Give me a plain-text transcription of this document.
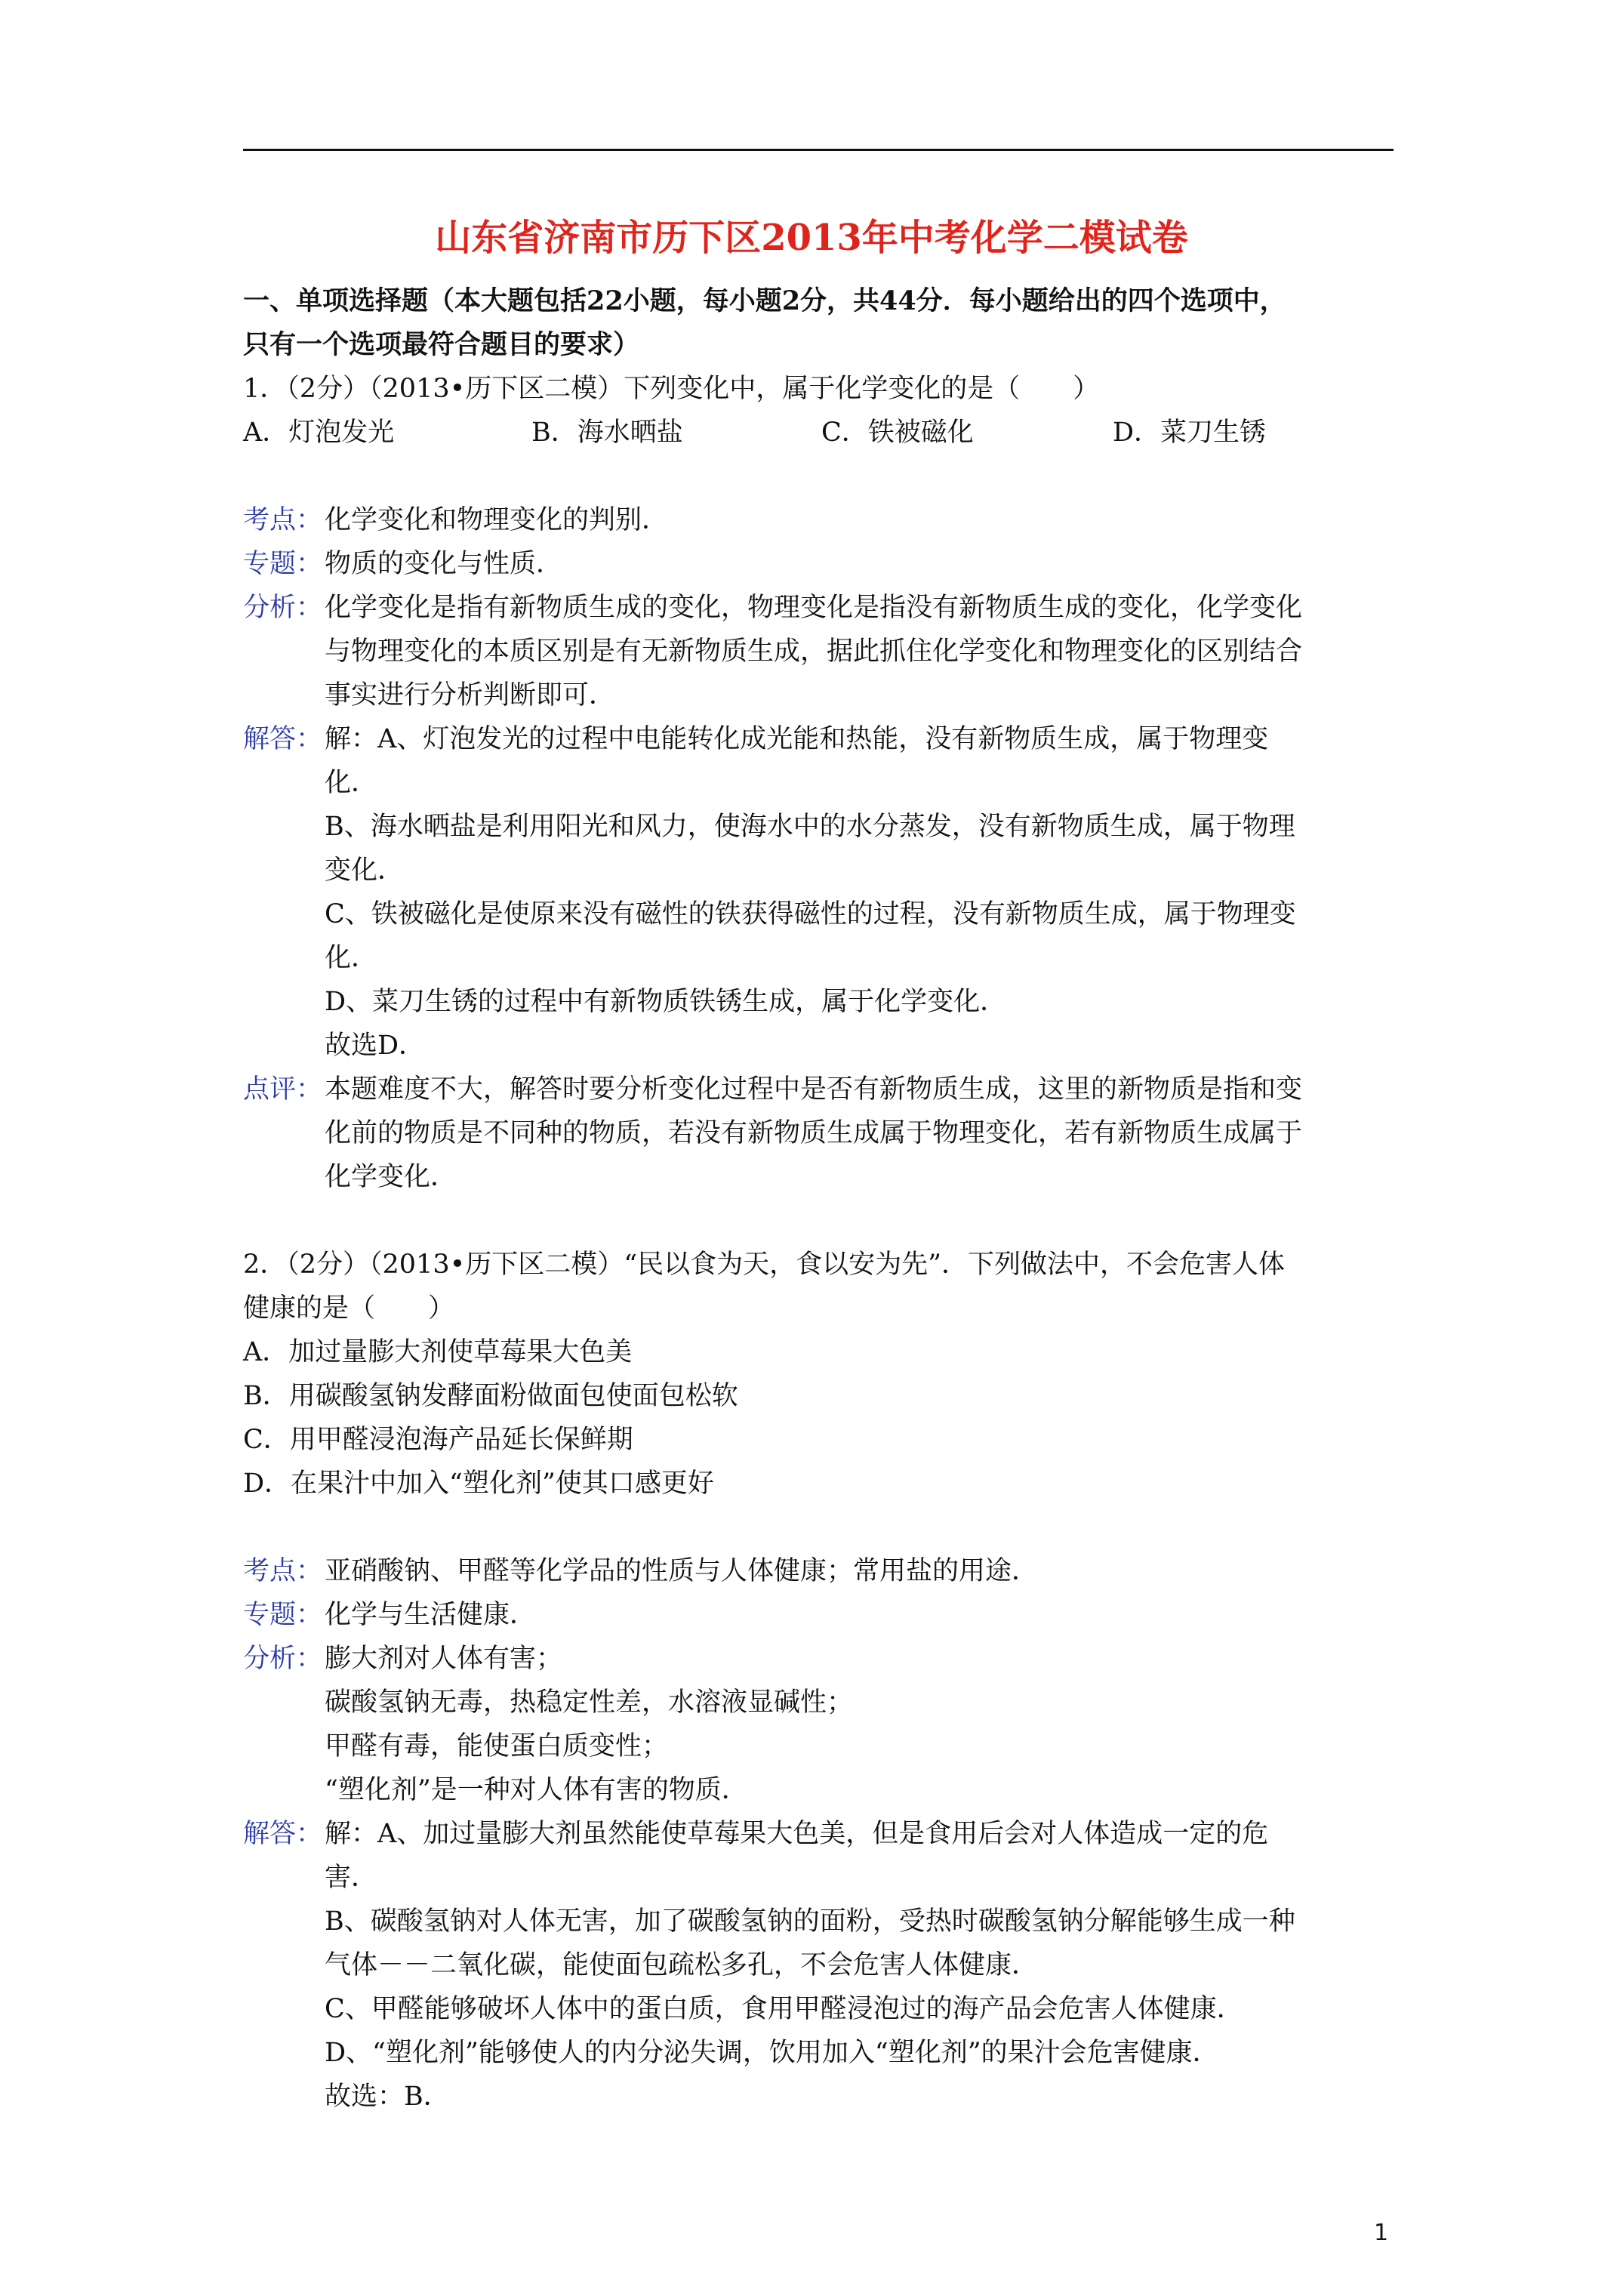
山东省济南市历下区2013年中考化学二模试卷

一、单项选择题（本大题包括22小题，每小题2分，共44分．每小题给出的四个选项中，

只有一个选项最符合题目的要求）

1．（2分）（2013•历下区二模）下列变化中，属于化学变化的是（　　）

A．灯泡发光	B．海水晒盐	C．铁被磁化	D．菜刀生锈
考点： 化学变化和物理变化的判别．

专题： 物质的变化与性质．

分析： 化学变化是指有新物质生成的变化，物理变化是指没有新物质生成的变化，化学变化

与物理变化的本质区别是有无新物质生成，据此抓住化学变化和物理变化的区别结合

事实进行分析判断即可．

解答： 解：A、灯泡发光的过程中电能转化成光能和热能，没有新物质生成，属于物理变

化．

B、海水晒盐是利用阳光和风力，使海水中的水分蒸发，没有新物质生成，属于物理

变化．

C、铁被磁化是使原来没有磁性的铁获得磁性的过程，没有新物质生成，属于物理变

化．

D、菜刀生锈的过程中有新物质铁锈生成，属于化学变化．

故选D．

点评： 本题难度不大，解答时要分析变化过程中是否有新物质生成，这里的新物质是指和变

化前的物质是不同种的物质，若没有新物质生成属于物理变化，若有新物质生成属于

化学变化．

2．（2分）（2013•历下区二模）“民以食为天，食以安为先”．下列做法中，不会危害人体

健康的是（　　）

A．加过量膨大剂使草莓果大色美

B．用碳酸氢钠发酵面粉做面包使面包松软

C．用甲醛浸泡海产品延长保鲜期

D．在果汁中加入“塑化剂”使其口感更好

考点： 亚硝酸钠、甲醛等化学品的性质与人体健康；常用盐的用途．

专题： 化学与生活健康．

分析： 膨大剂对人体有害；

碳酸氢钠无毒，热稳定性差，水溶液显碱性；

甲醛有毒，能使蛋白质变性；

“塑化剂”是一种对人体有害的物质．

解答： 解：A、加过量膨大剂虽然能使草莓果大色美，但是食用后会对人体造成一定的危

害．

B、碳酸氢钠对人体无害，加了碳酸氢钠的面粉，受热时碳酸氢钠分解能够生成一种

气体－－二氧化碳，能使面包疏松多孔，不会危害人体健康．

C、甲醛能够破坏人体中的蛋白质，食用甲醛浸泡过的海产品会危害人体健康．

D、“塑化剂”能够使人的内分泌失调，饮用加入“塑化剂”的果汁会危害健康．

故选：B．

1
